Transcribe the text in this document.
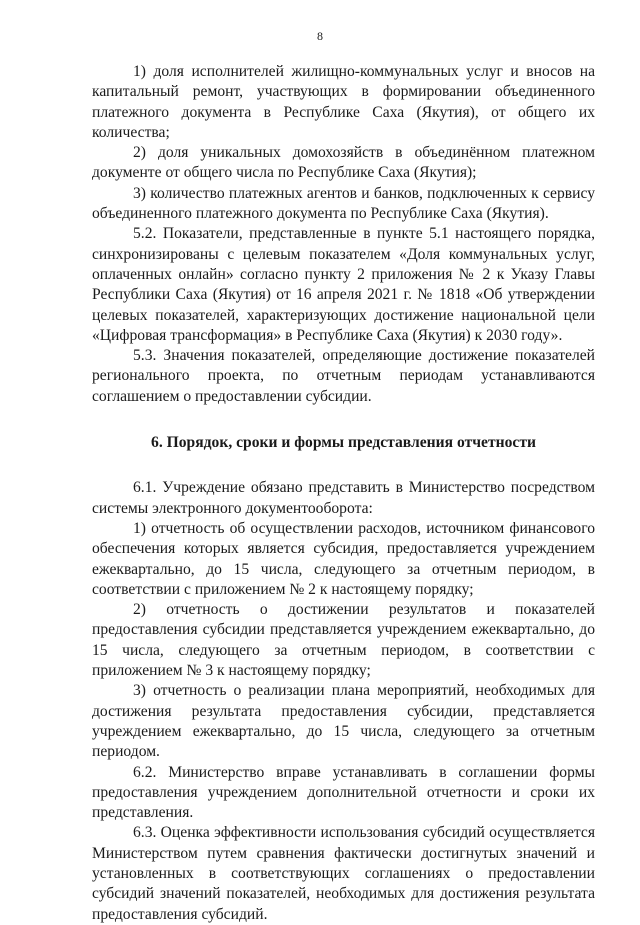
8

1) доля исполнителей жилищно-коммунальных услуг и вносов на капитальный ремонт, участвующих в формировании объединенного платежного документа в Республике Саха (Якутия), от общего их количества;

2) доля уникальных домохозяйств в объединённом платежном документе от общего числа по Республике Саха (Якутия);

3) количество платежных агентов и банков, подключенных к сервису объединенного платежного документа по Республике Саха (Якутия).

5.2. Показатели, представленные в пункте 5.1 настоящего порядка, синхронизированы с целевым показателем «Доля коммунальных услуг, оплаченных онлайн» согласно пункту 2 приложения № 2 к Указу Главы Республики Саха (Якутия) от 16 апреля 2021 г. № 1818 «Об утверждении целевых показателей, характеризующих достижение национальной цели «Цифровая трансформация» в Республике Саха (Якутия) к 2030 году».

5.3. Значения показателей, определяющие достижение показателей регионального проекта, по отчетным периодам устанавливаются соглашением о предоставлении субсидии.

6. Порядок, сроки и формы представления отчетности

6.1. Учреждение обязано представить в Министерство посредством системы электронного документооборота:

1) отчетность об осуществлении расходов, источником финансового обеспечения которых является субсидия, предоставляется учреждением ежеквартально, до 15 числа, следующего за отчетным периодом, в соответствии с приложением № 2 к настоящему порядку;

2) отчетность о достижении результатов и показателей предоставления субсидии представляется учреждением ежеквартально, до 15 числа, следующего за отчетным периодом, в соответствии с приложением № 3 к настоящему порядку;

3) отчетность о реализации плана мероприятий, необходимых для достижения результата предоставления субсидии, представляется учреждением ежеквартально, до 15 числа, следующего за отчетным периодом.

6.2. Министерство вправе устанавливать в соглашении формы предоставления учреждением дополнительной отчетности и сроки их представления.

6.3. Оценка эффективности использования субсидий осуществляется Министерством путем сравнения фактически достигнутых значений и установленных в соответствующих соглашениях о предоставлении субсидий значений показателей, необходимых для достижения результата предоставления субсидий.
